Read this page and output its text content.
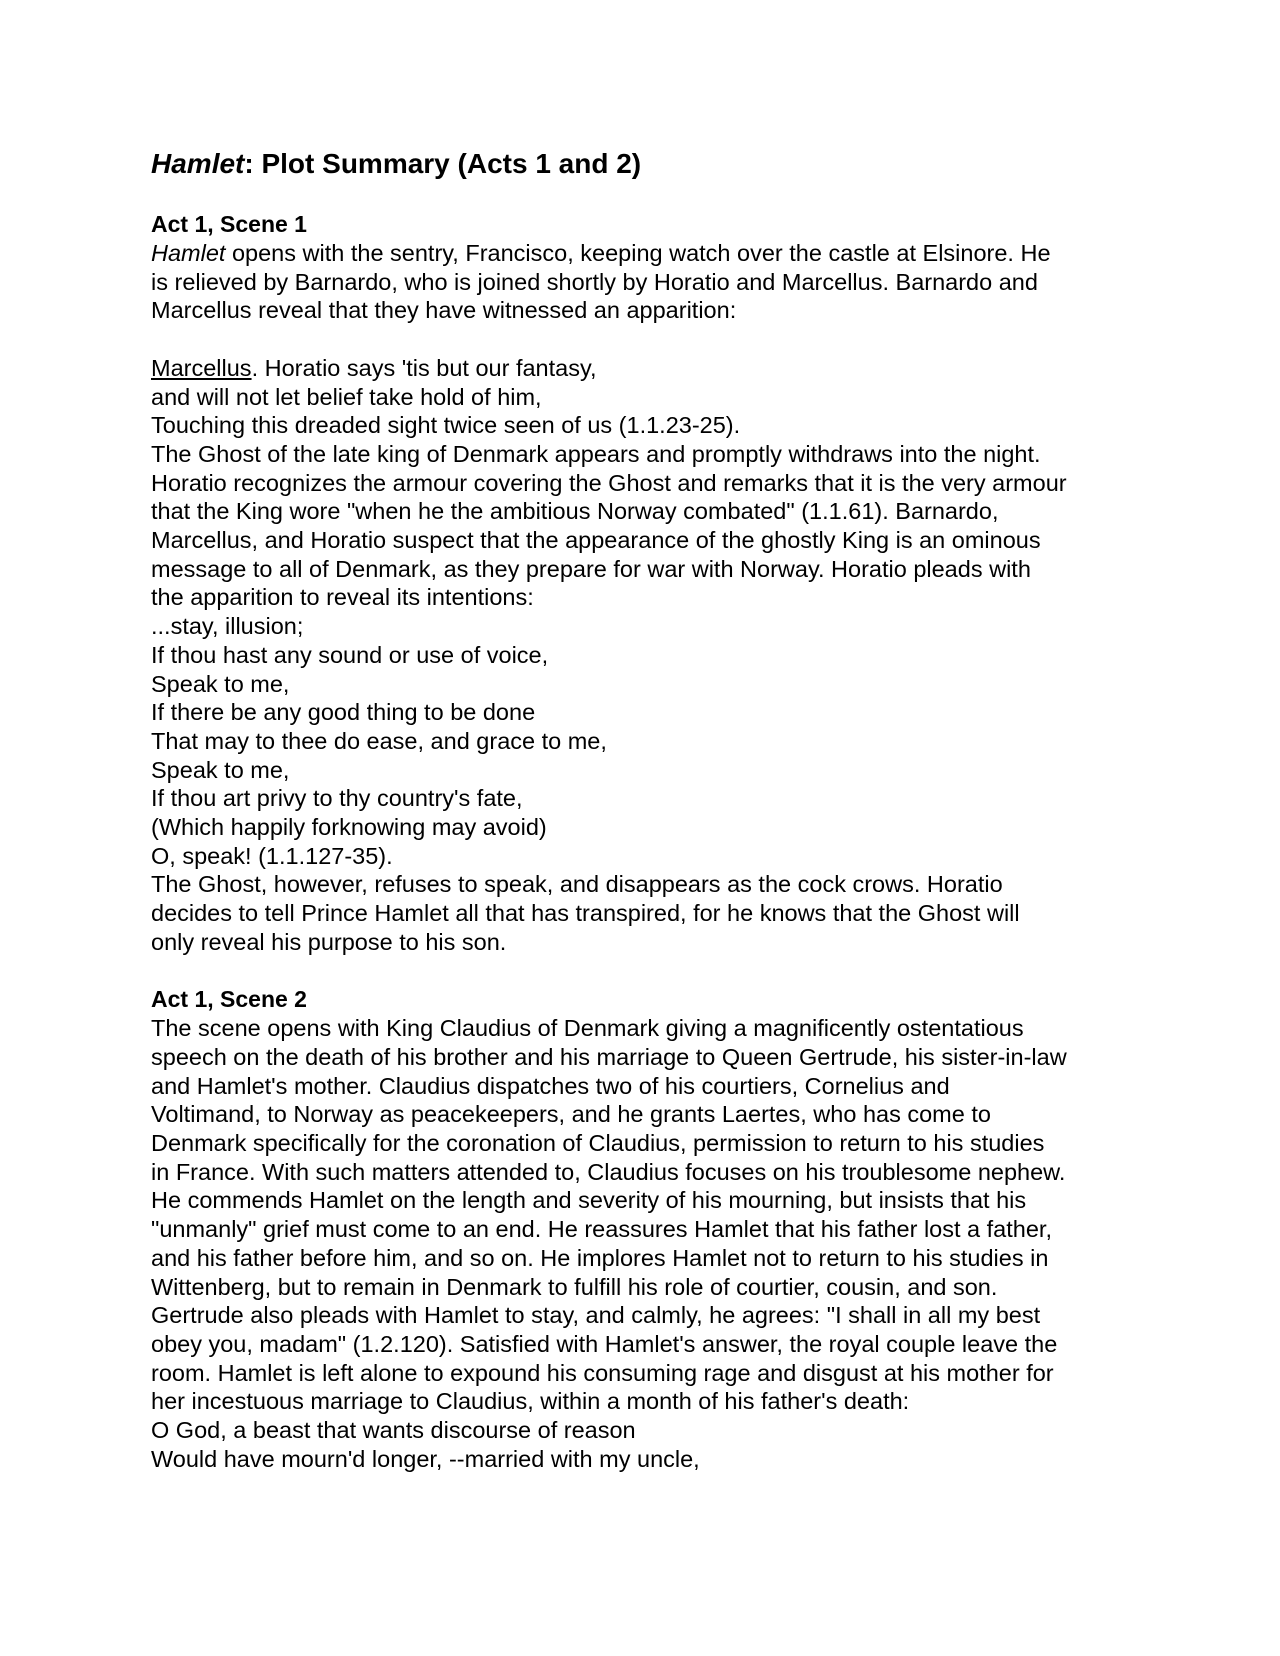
Hamlet: Plot Summary (Acts 1 and 2)
Act 1, Scene 1
Hamlet opens with the sentry, Francisco, keeping watch over the castle at Elsinore. He
is relieved by Barnardo, who is joined shortly by Horatio and Marcellus. Barnardo and
Marcellus reveal that they have witnessed an apparition:
Marcellus. Horatio says 'tis but our fantasy,
and will not let belief take hold of him,
Touching this dreaded sight twice seen of us (1.1.23-25).
The Ghost of the late king of Denmark appears and promptly withdraws into the night.
Horatio recognizes the armour covering the Ghost and remarks that it is the very armour
that the King wore "when he the ambitious Norway combated" (1.1.61). Barnardo,
Marcellus, and Horatio suspect that the appearance of the ghostly King is an ominous
message to all of Denmark, as they prepare for war with Norway. Horatio pleads with
the apparition to reveal its intentions:
...stay, illusion;
If thou hast any sound or use of voice,
Speak to me,
If there be any good thing to be done
That may to thee do ease, and grace to me,
Speak to me,
If thou art privy to thy country's fate,
(Which happily forknowing may avoid)
O, speak! (1.1.127-35).
The Ghost, however, refuses to speak, and disappears as the cock crows. Horatio
decides to tell Prince Hamlet all that has transpired, for he knows that the Ghost will
only reveal his purpose to his son.
Act 1, Scene 2
The scene opens with King Claudius of Denmark giving a magnificently ostentatious
speech on the death of his brother and his marriage to Queen Gertrude, his sister-in-law
and Hamlet's mother. Claudius dispatches two of his courtiers, Cornelius and
Voltimand, to Norway as peacekeepers, and he grants Laertes, who has come to
Denmark specifically for the coronation of Claudius, permission to return to his studies
in France. With such matters attended to, Claudius focuses on his troublesome nephew.
He commends Hamlet on the length and severity of his mourning, but insists that his
"unmanly" grief must come to an end. He reassures Hamlet that his father lost a father,
and his father before him, and so on. He implores Hamlet not to return to his studies in
Wittenberg, but to remain in Denmark to fulfill his role of courtier, cousin, and son.
Gertrude also pleads with Hamlet to stay, and calmly, he agrees: "I shall in all my best
obey you, madam" (1.2.120). Satisfied with Hamlet's answer, the royal couple leave the
room. Hamlet is left alone to expound his consuming rage and disgust at his mother for
her incestuous marriage to Claudius, within a month of his father's death:
O God, a beast that wants discourse of reason
Would have mourn'd longer, --married with my uncle,
